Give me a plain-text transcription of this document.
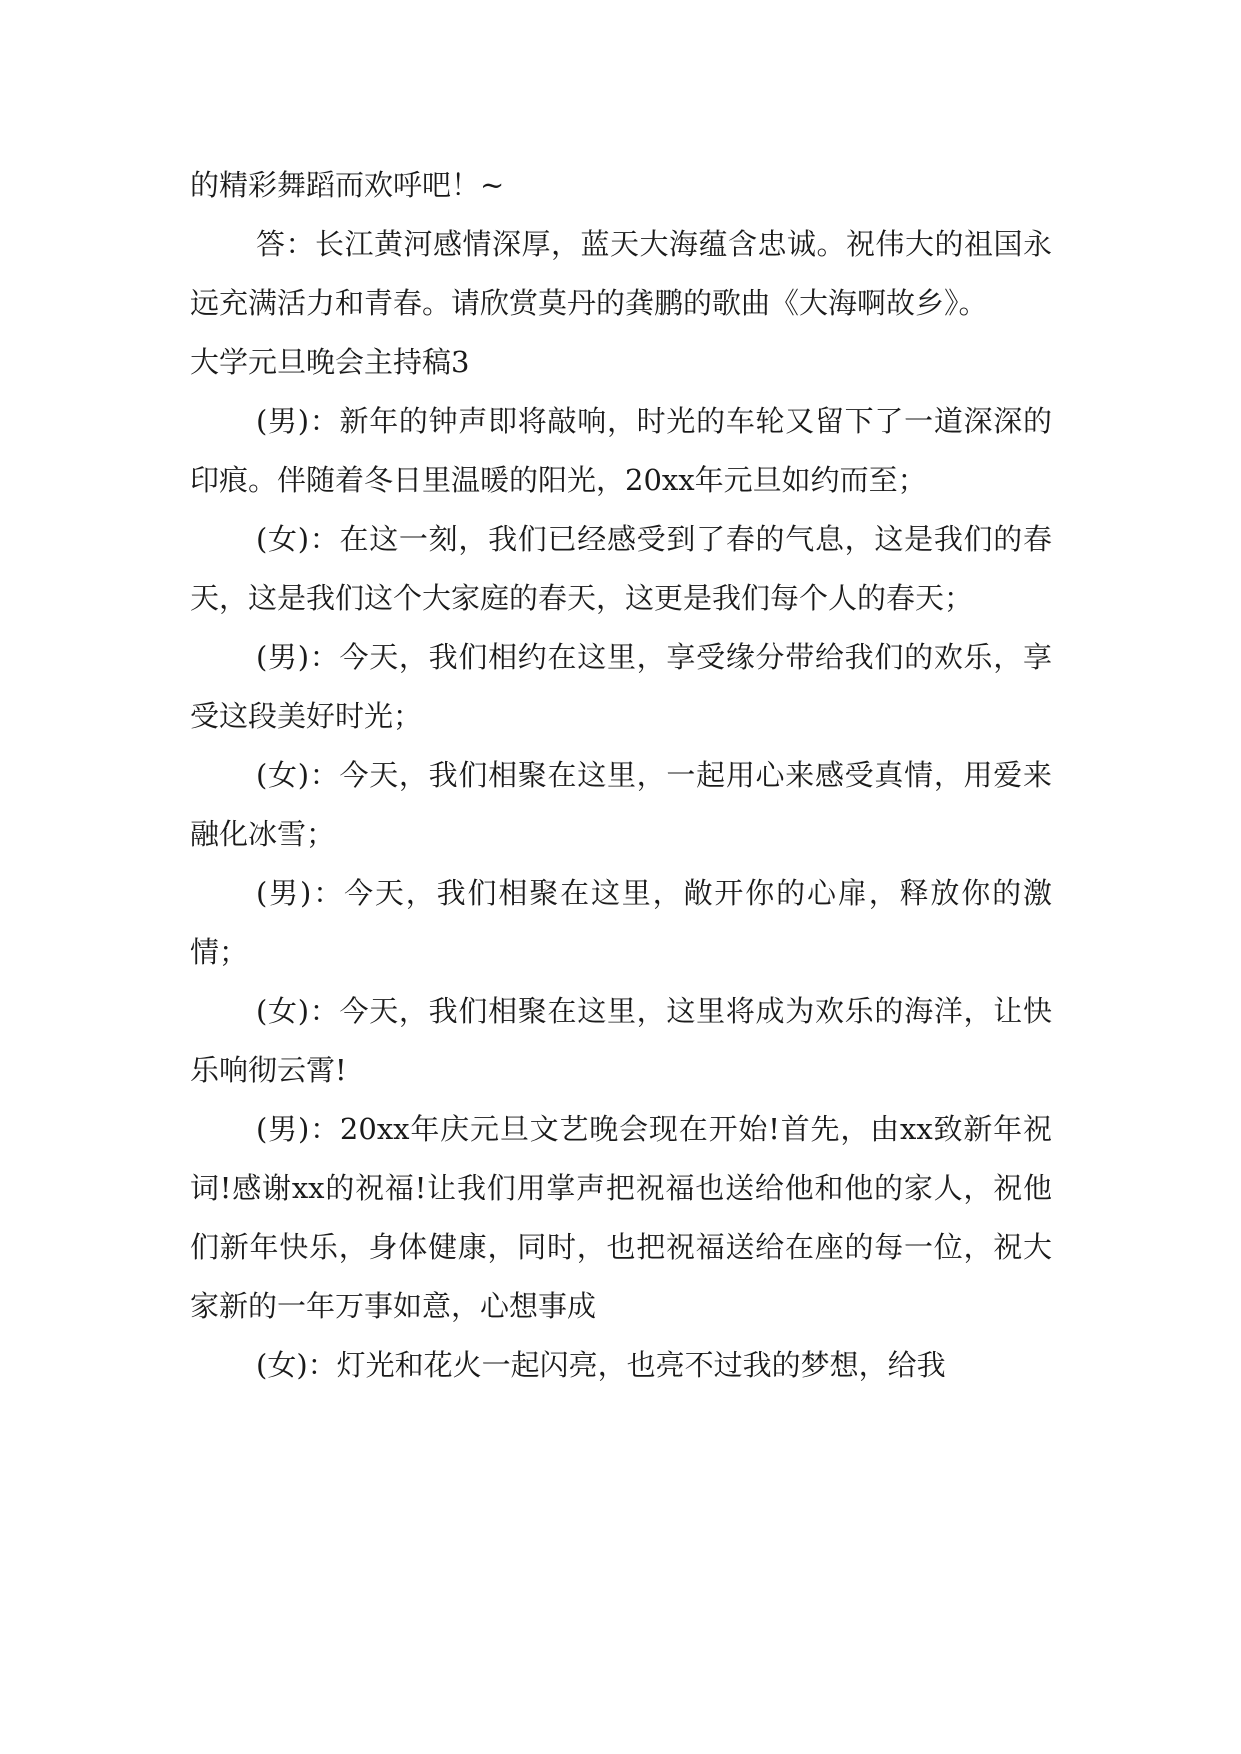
的精彩舞蹈而欢呼吧！~

答：长江黄河感情深厚，蓝天大海蕴含忠诚。祝伟大的祖国永远充满活力和青春。请欣赏莫丹的龚鹏的歌曲《大海啊故乡》。

大学元旦晚会主持稿3

(男)：新年的钟声即将敲响，时光的车轮又留下了一道深深的印痕。伴随着冬日里温暖的阳光，20xx年元旦如约而至；

(女)：在这一刻，我们已经感受到了春的气息，这是我们的春天，这是我们这个大家庭的春天，这更是我们每个人的春天；

(男)：今天，我们相约在这里，享受缘分带给我们的欢乐，享受这段美好时光；

(女)：今天，我们相聚在这里，一起用心来感受真情，用爱来融化冰雪；

(男)：今天，我们相聚在这里，敞开你的心扉，释放你的激情；

(女)：今天，我们相聚在这里，这里将成为欢乐的海洋，让快乐响彻云霄!

(男)：20xx年庆元旦文艺晚会现在开始!首先，由xx致新年祝词!感谢xx的祝福!让我们用掌声把祝福也送给他和他的家人，祝他们新年快乐，身体健康，同时，也把祝福送给在座的每一位，祝大家新的一年万事如意，心想事成

(女)：灯光和花火一起闪亮，也亮不过我的梦想，给我
